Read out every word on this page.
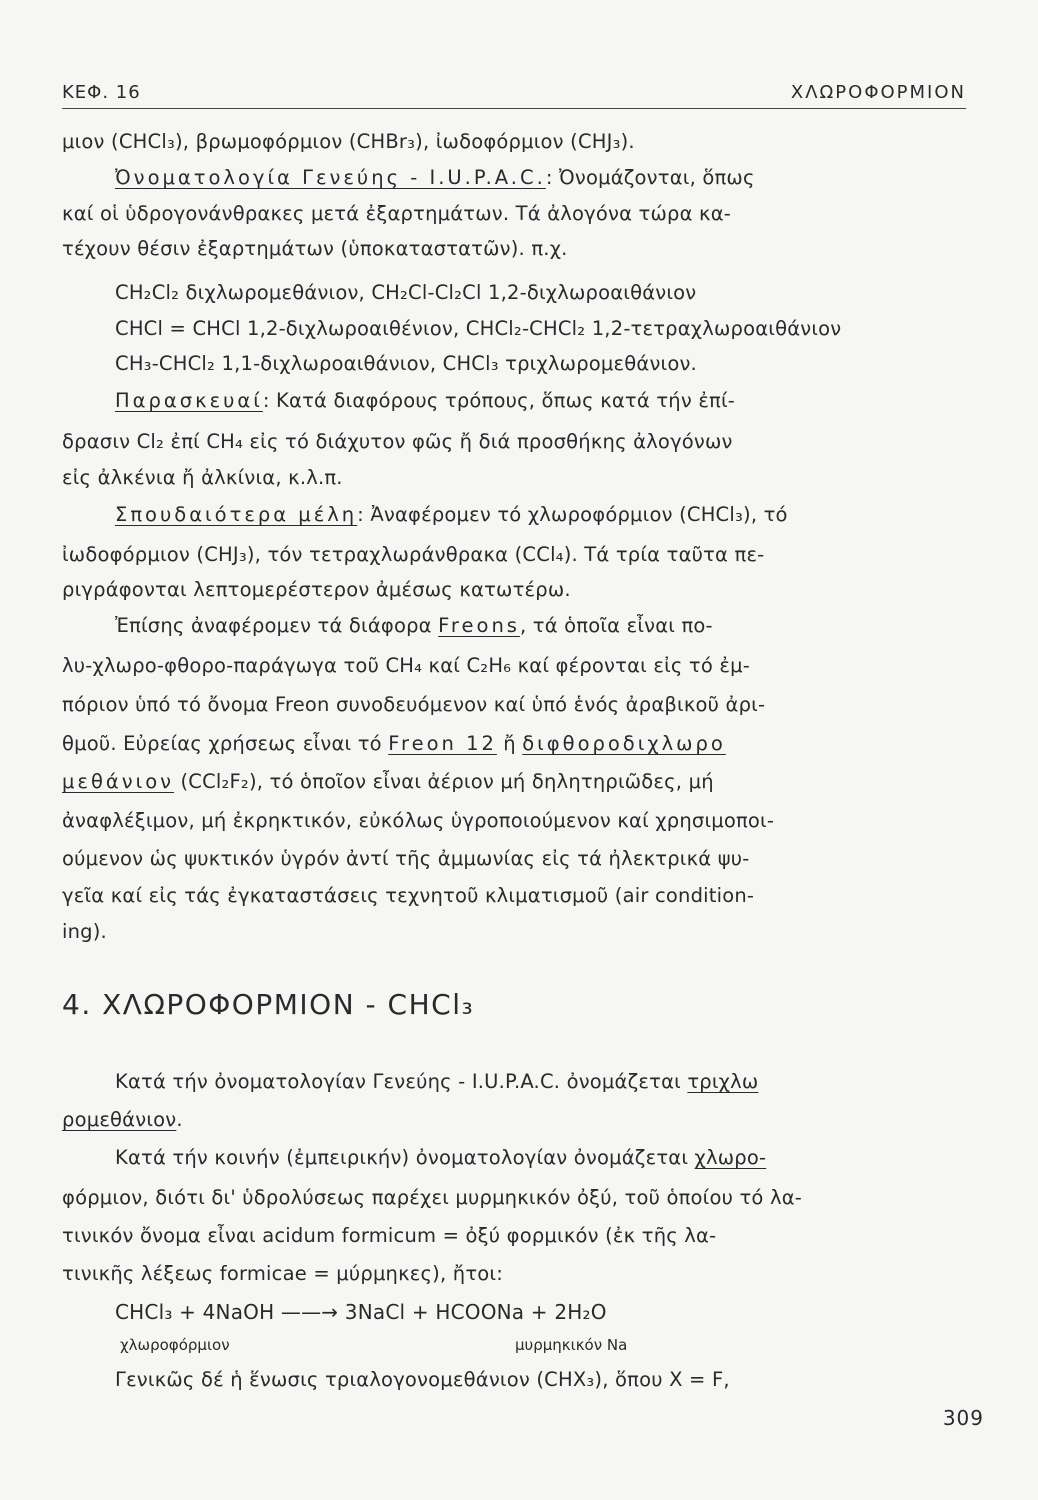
ΚΕΦ. 16	ΧΛΩΡΟΦΟΡΜΙΟΝ
μιον (CHCl₃), βρωμοφόρμιον (CHBr₃), ἰωδοφόρμιον (CHJ₃).
Ὀνοματολογία Γενεύης - I.U.P.A.C.: Ὀνομάζονται, ὅπως
καί οἱ ὑδρογονάνθρακες μετά ἐξαρτημάτων. Τά ἀλογόνα τώρα κα-
τέχουν θέσιν ἐξαρτημάτων (ὑποκαταστατῶν). π.χ.
CH₂Cl₂ διχλωρομεθάνιον, CH₂Cl-Cl₂Cl 1,2-διχλωροαιθάνιον
CHCl = CHCl 1,2-διχλωροαιθένιον, CHCl₂-CHCl₂ 1,2-τετραχλωροαιθάνιον
CH₃-CHCl₂ 1,1-διχλωροαιθάνιον, CHCl₃ τριχλωρομεθάνιον.
Παρασκευαί: Κατά διαφόρους τρόπους, ὅπως κατά τήν ἐπί-
δρασιν Cl₂ ἐπί CH₄ εἰς τό διάχυτον φῶς ἤ διά προσθήκης ἀλογόνων
εἰς ἀλκένια ἤ ἀλκίνια, κ.λ.π.
Σπουδαιότερα μέλη: Ἀναφέρομεν τό χλωροφόρμιον (CHCl₃), τό
ἰωδοφόρμιον (CHJ₃), τόν τετραχλωράνθρακα (CCl₄). Τά τρία ταῦτα πε-
ριγράφονται λεπτομερέστερον ἀμέσως κατωτέρω.
Ἐπίσης ἀναφέρομεν τά διάφορα Freons, τά ὁποῖα εἶναι πο-
λυ-χλωρο-φθορο-παράγωγα τοῦ CH₄ καί C₂H₆ καί φέρονται εἰς τό ἐμ-
πόριον ὑπό τό ὄνομα Freon συνοδευόμενον καί ὑπό ἑνός ἀραβικοῦ ἀρι-
θμοῦ. Εὐρείας χρήσεως εἶναι τό Freon 12 ἤ διφθοροδιχλωρο
μεθάνιον (CCl₂F₂), τό ὁποῖον εἶναι ἀέριον μή δηλητηριῶδες, μή
ἀναφλέξιμον, μή ἐκρηκτικόν, εὐκόλως ὑγροποιούμενον καί χρησιμοποι-
ούμενον ὡς ψυκτικόν ὑγρόν ἀντί τῆς ἀμμωνίας εἰς τά ἠλεκτρικά ψυ-
γεῖα καί εἰς τάς ἐγκαταστάσεις τεχνητοῦ κλιματισμοῦ (air condition-
ing).
4. ΧΛΩΡΟΦΟΡΜΙΟΝ - CHCl₃
Κατά τήν ὀνοματολογίαν Γενεύης - I.U.P.A.C. ὀνομάζεται τριχλω
ρομεθάνιον.
Κατά τήν κοινήν (ἐμπειρικήν) ὀνοματολογίαν ὀνομάζεται χλωρο-
φόρμιον, διότι δι' ὑδρολύσεως παρέχει μυρμηκικόν ὀξύ, τοῦ ὁποίου τό λα-
τινικόν ὄνομα εἶναι acidum formicum = ὀξύ φορμικόν (ἐκ τῆς λα-
τινικῆς λέξεως formicae = μύρμηκες), ἤτοι:
CHCl₃ + 4NaOH ——→ 3NaCl + HCOONa + 2H₂O
χλωροφόρμιον	μυρμηκικόν Na
Γενικῶς δέ ἡ ἕνωσις τριαλογονομεθάνιον (CHX₃), ὅπου X = F,
309
